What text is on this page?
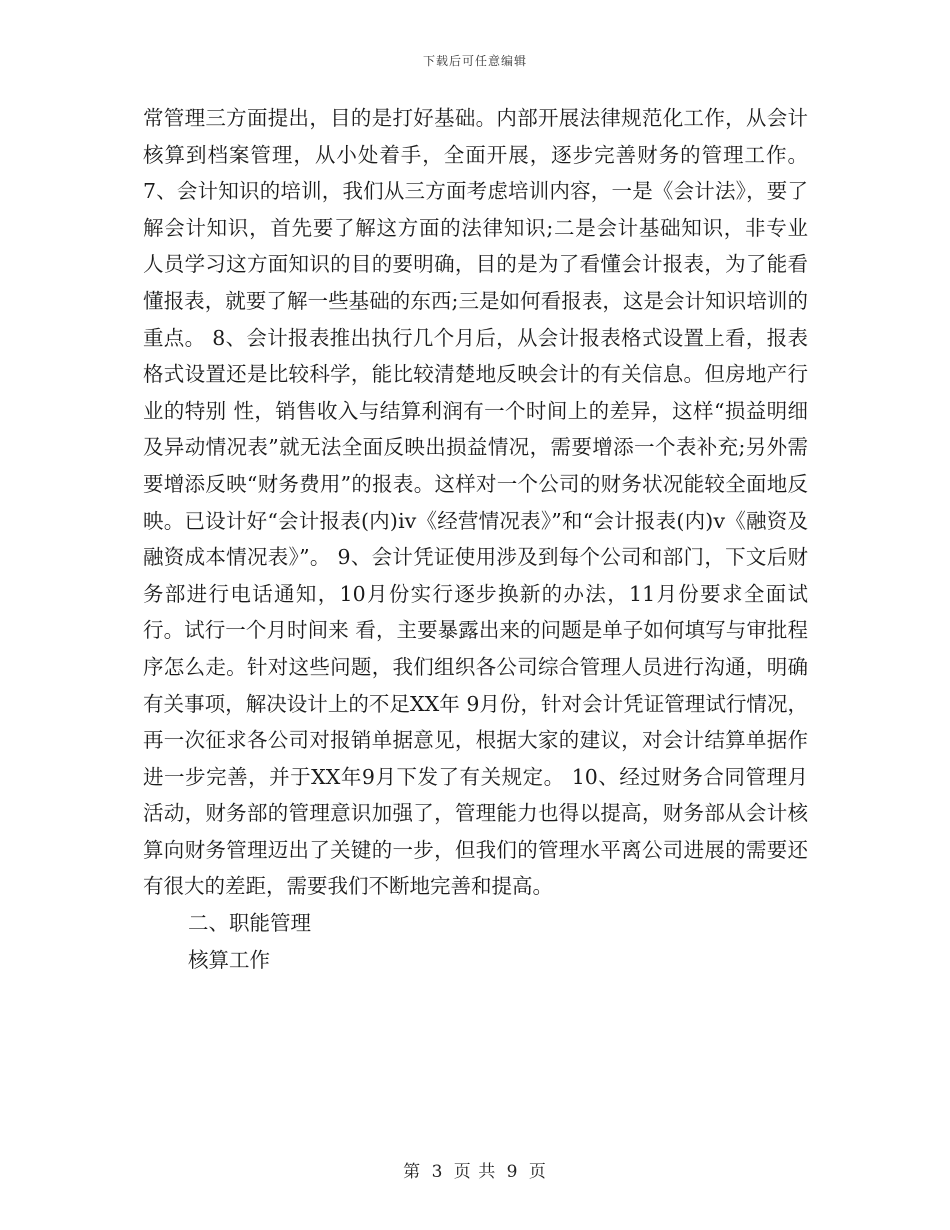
下载后可任意编辑

常管理三方面提出，目的是打好基础。内部开展法律规范化工作，从会计核算到档案管理，从小处着手，全面开展，逐步完善财务的管理工作。 7、会计知识的培训，我们从三方面考虑培训内容，一是《会计法》，要了解会计知识，首先要了解这方面的法律知识;二是会计基础知识，非专业 人员学习这方面知识的目的要明确，目的是为了看懂会计报表，为了能看懂报表，就要了解一些基础的东西;三是如何看报表，这是会计知识培训的重点。 8、会计报表推出执行几个月后，从会计报表格式设置上看，报表格式设置还是比较科学，能比较清楚地反映会计的有关信息。但房地产行业的特别 性，销售收入与结算利润有一个时间上的差异，这样“损益明细及异动情况表”就无法全面反映出损益情况，需要增添一个表补充;另外需要增添反映“财务费用”的报表。这样对一个公司的财务状况能较全面地反映。已设计好“会计报表(内)ⅳ《经营情况表》”和“会计报表(内)ⅴ《融资及融资成本情况表》”。 9、会计凭证使用涉及到每个公司和部门，下文后财务部进行电话通知，10月份实行逐步换新的办法，11月份要求全面试行。试行一个月时间来 看，主要暴露出来的问题是单子如何填写与审批程序怎么走。针对这些问题，我们组织各公司综合管理人员进行沟通，明确有关事项，解决设计上的不足XX年 9月份，针对会计凭证管理试行情况，再一次征求各公司对报销单据意见，根据大家的建议，对会计结算单据作进一步完善，并于XX年9月下发了有关规定。 10、经过财务合同管理月活动，财务部的管理意识加强了，管理能力也得以提高，财务部从会计核算向财务管理迈出了关键的一步，但我们的管理水平离公司进展的需要还有很大的差距，需要我们不断地完善和提高。

二、职能管理

核算工作

第 3 页 共 9 页
